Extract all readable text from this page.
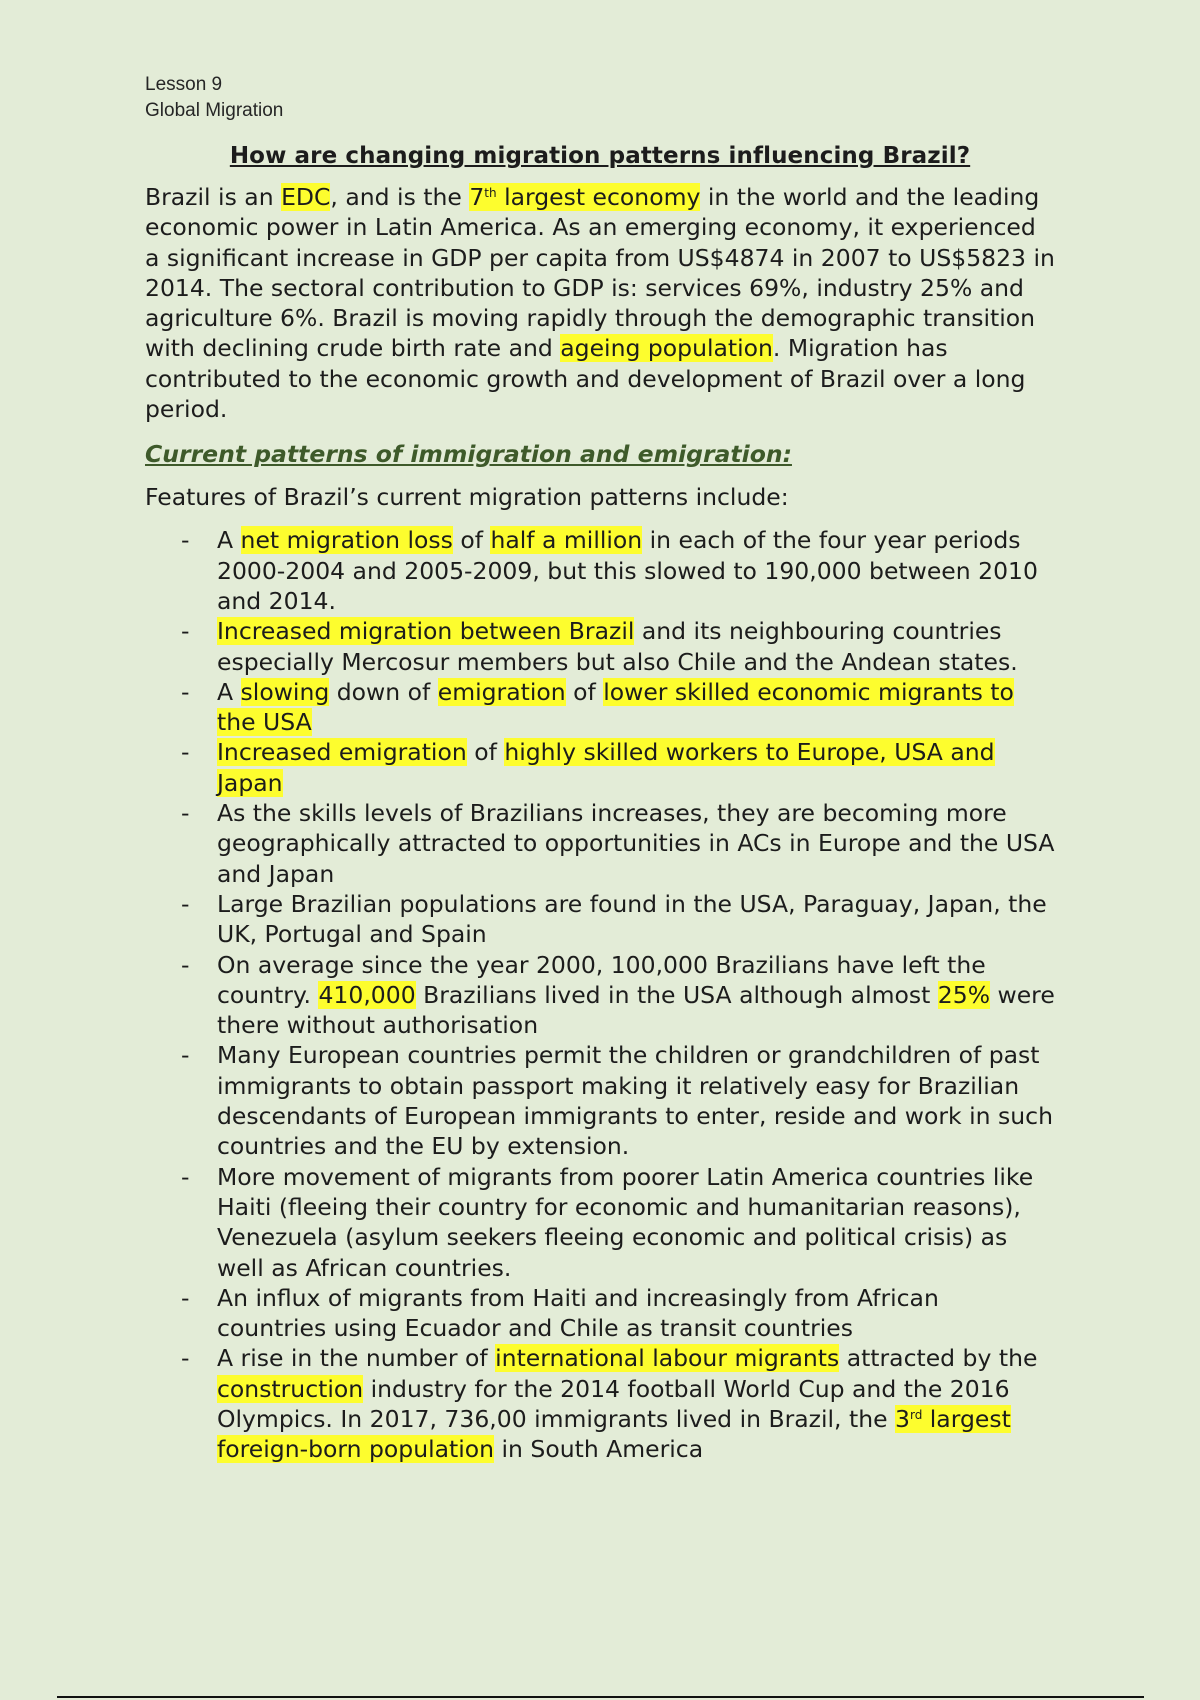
Lesson 9
Global Migration
How are changing migration patterns influencing Brazil?

Brazil is an EDC, and is the 7th largest economy in the world and the leading economic power in Latin America. As an emerging economy, it experienced a significant increase in GDP per capita from US$4874 in 2007 to US$5823 in 2014. The sectoral contribution to GDP is: services 69%, industry 25% and agriculture 6%. Brazil is moving rapidly through the demographic transition with declining crude birth rate and ageing population. Migration has contributed to the economic growth and development of Brazil over a long period.

Current patterns of immigration and emigration:
Features of Brazil’s current migration patterns include:
- A net migration loss of half a million in each of the four year periods 2000-2004 and 2005-2009, but this slowed to 190,000 between 2010 and 2014.
- Increased migration between Brazil and its neighbouring countries especially Mercosur members but also Chile and the Andean states.
- A slowing down of emigration of lower skilled economic migrants to the USA
- Increased emigration of highly skilled workers to Europe, USA and Japan
- As the skills levels of Brazilians increases, they are becoming more geographically attracted to opportunities in ACs in Europe and the USA and Japan
- Large Brazilian populations are found in the USA, Paraguay, Japan, the UK, Portugal and Spain
- On average since the year 2000, 100,000 Brazilians have left the country. 410,000 Brazilians lived in the USA although almost 25% were there without authorisation
- Many European countries permit the children or grandchildren of past immigrants to obtain passport making it relatively easy for Brazilian descendants of European immigrants to enter, reside and work in such countries and the EU by extension.
- More movement of migrants from poorer Latin America countries like Haiti (fleeing their country for economic and humanitarian reasons), Venezuela (asylum seekers fleeing economic and political crisis) as well as African countries.
- An influx of migrants from Haiti and increasingly from African countries using Ecuador and Chile as transit countries
- A rise in the number of international labour migrants attracted by the construction industry for the 2014 football World Cup and the 2016 Olympics. In 2017, 736,00 immigrants lived in Brazil, the 3rd largest foreign-born population in South America
